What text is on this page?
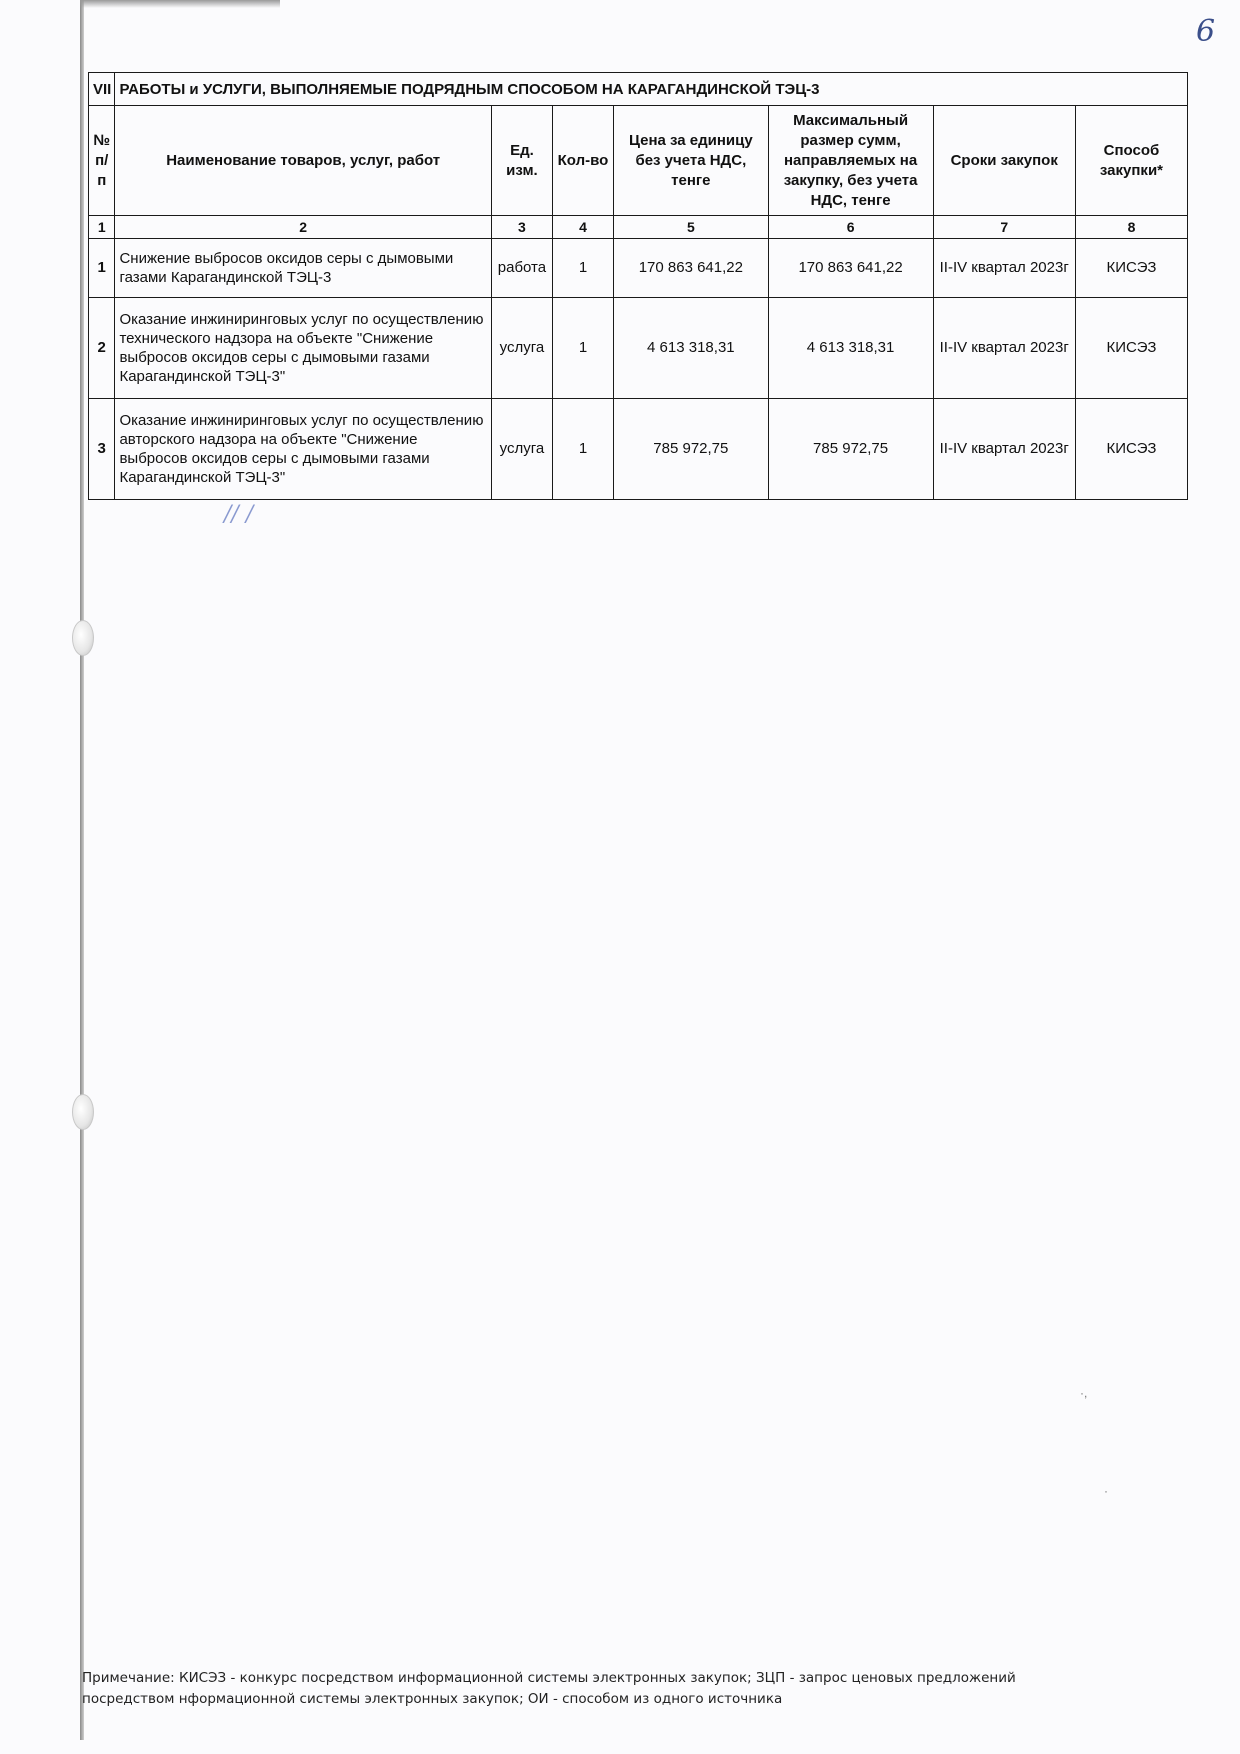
6
VII	РАБОТЫ и УСЛУГИ, ВЫПОЛНЯЕМЫЕ ПОДРЯДНЫМ СПОСОБОМ НА КАРАГАНДИНСКОЙ ТЭЦ-3						
№ п/п	Наименование товаров, услуг, работ	Ед. изм.	Кол-во	Цена за единицу без учета НДС, тенге	Максимальный размер сумм, направляемых на закупку, без учета НДС, тенге	Сроки закупок	Способ закупки*
1	2	3	4	5	6	7	8
1	Снижение выбросов оксидов серы с дымовыми газами Карагандинской ТЭЦ-3	работа	1	170 863 641,22	170 863 641,22	II-IV квартал 2023г	КИСЭЗ
2	Оказание инжиниринговых услуг по осуществлению технического надзора на объекте "Снижение выбросов оксидов серы с дымовыми газами Карагандинской ТЭЦ-3"	услуга	1	4 613 318,31	4 613 318,31	II-IV квартал 2023г	КИСЭЗ
3	Оказание инжиниринговых услуг по осуществлению авторского надзора на объекте "Снижение выбросов оксидов серы с дымовыми газами Карагандинской ТЭЦ-3"	услуга	1	785 972,75	785 972,75	II-IV квартал 2023г	КИСЭЗ
// /
·,
·
Примечание: КИСЭЗ - конкурс посредством информационной системы электронных закупок; ЗЦП - запрос ценовых предложений посредством нформационной системы электронных закупок; ОИ - способом из одного источника
